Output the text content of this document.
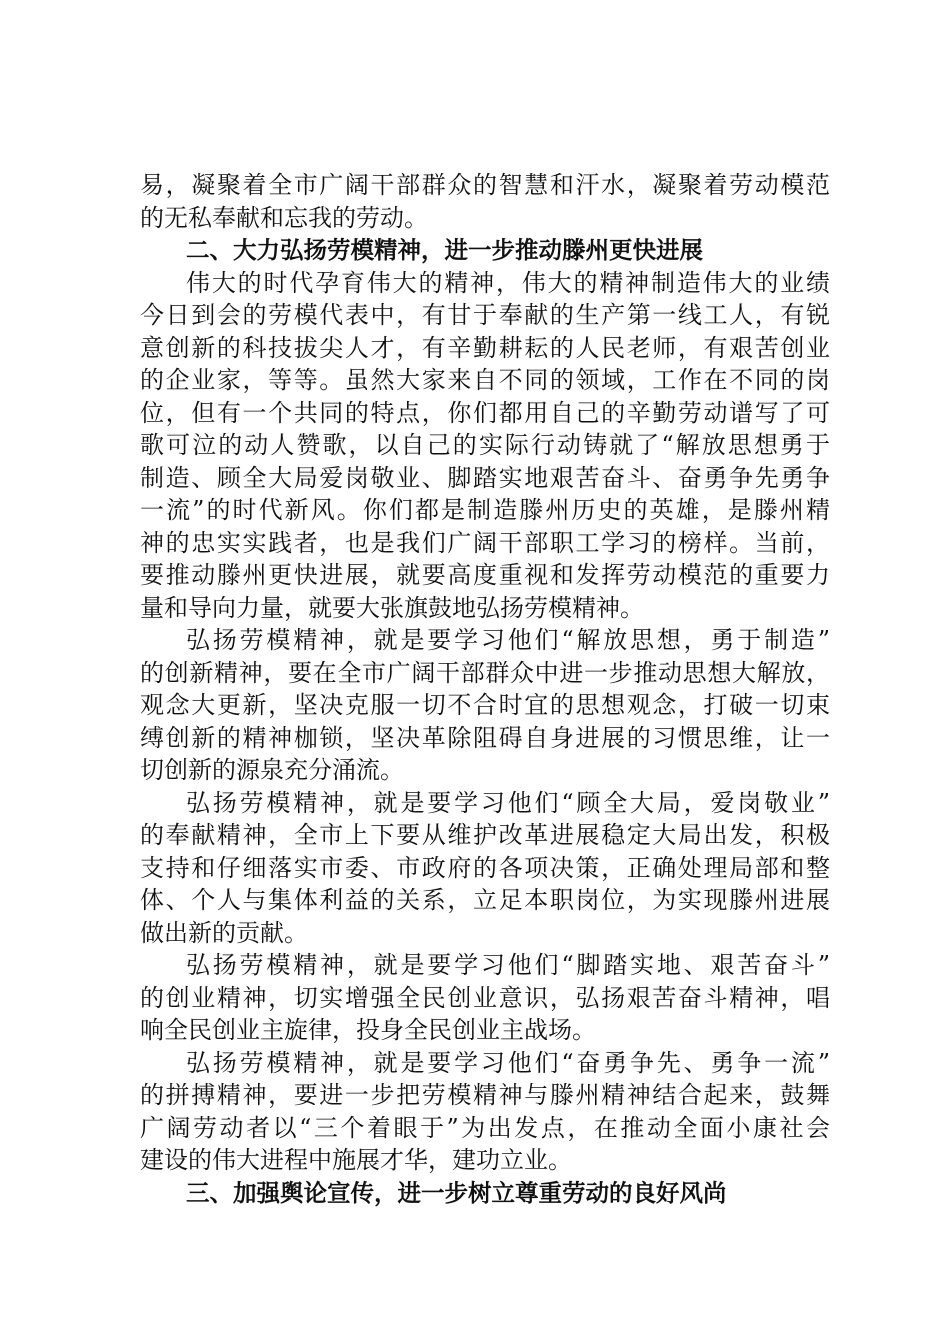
易，凝聚着全市广阔干部群众的智慧和汗水，凝聚着劳动模范
的无私奉献和忘我的劳动。
二、大力弘扬劳模精神，进一步推动滕州更快进展
伟大的时代孕育伟大的精神，伟大的精神制造伟大的业绩
今日到会的劳模代表中，有甘于奉献的生产第一线工人，有锐
意创新的科技拔尖人才，有辛勤耕耘的人民老师，有艰苦创业
的企业家，等等。虽然大家来自不同的领域，工作在不同的岗
位，但有一个共同的特点，你们都用自己的辛勤劳动谱写了可
歌可泣的动人赞歌，以自己的实际行动铸就了“解放思想勇于
制造、顾全大局爱岗敬业、脚踏实地艰苦奋斗、奋勇争先勇争
一流”的时代新风。你们都是制造滕州历史的英雄，是滕州精
神的忠实实践者，也是我们广阔干部职工学习的榜样。当前，
要推动滕州更快进展，就要高度重视和发挥劳动模范的重要力
量和导向力量，就要大张旗鼓地弘扬劳模精神。
弘扬劳模精神，就是要学习他们“解放思想，勇于制造”
的创新精神，要在全市广阔干部群众中进一步推动思想大解放，
观念大更新，坚决克服一切不合时宜的思想观念，打破一切束
缚创新的精神枷锁，坚决革除阻碍自身进展的习惯思维，让一
切创新的源泉充分涌流。
弘扬劳模精神，就是要学习他们“顾全大局，爱岗敬业”
的奉献精神，全市上下要从维护改革进展稳定大局出发，积极
支持和仔细落实市委、市政府的各项决策，正确处理局部和整
体、个人与集体利益的关系，立足本职岗位，为实现滕州进展
做出新的贡献。
弘扬劳模精神，就是要学习他们“脚踏实地、艰苦奋斗”
的创业精神，切实增强全民创业意识，弘扬艰苦奋斗精神，唱
响全民创业主旋律，投身全民创业主战场。
弘扬劳模精神，就是要学习他们“奋勇争先、勇争一流”
的拼搏精神，要进一步把劳模精神与滕州精神结合起来，鼓舞
广阔劳动者以“三个着眼于”为出发点，在推动全面小康社会
建设的伟大进程中施展才华，建功立业。
三、加强舆论宣传，进一步树立尊重劳动的良好风尚
